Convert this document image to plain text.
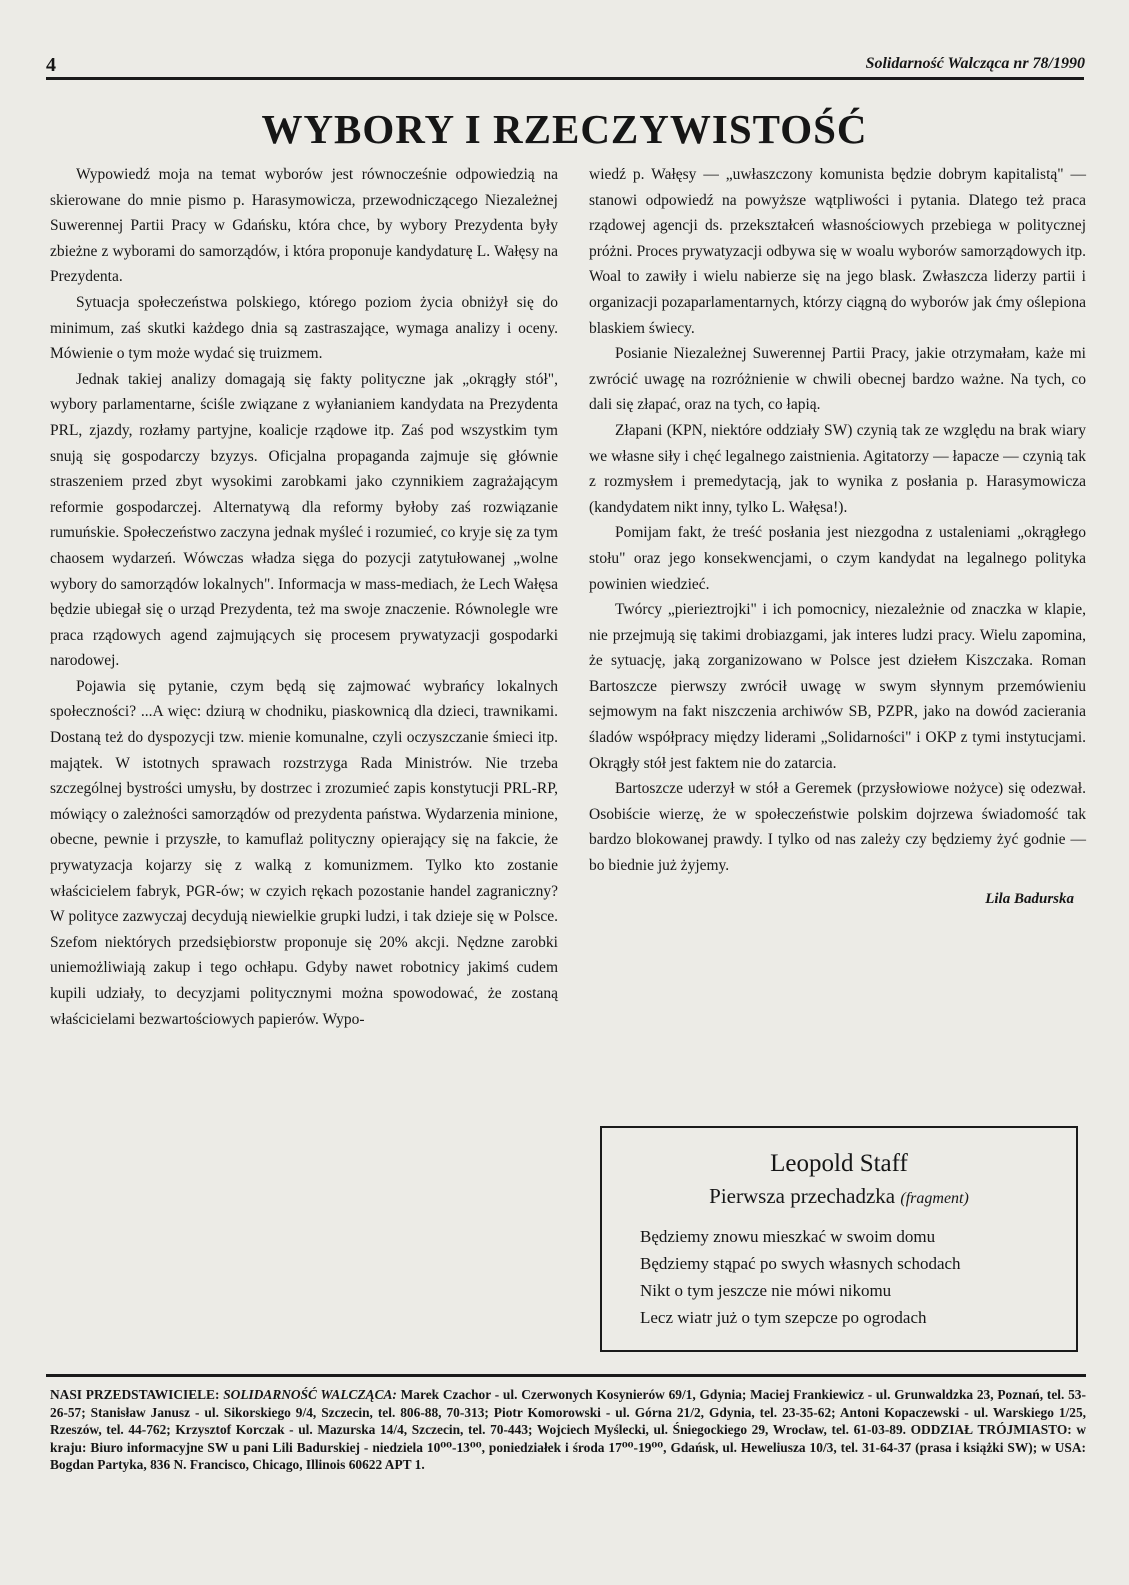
4	Solidarność Walcząca nr 78/1990
WYBORY I RZECZYWISTOŚĆ

Wypowiedź moja na temat wyborów jest równocześnie odpowiedzią na skierowane do mnie pismo p. Harasymowicza, przewodniczącego Niezależnej Suwerennej Partii Pracy w Gdańsku, która chce, by wybory Prezydenta były zbieżne z wyborami do samorządów, i która proponuje kandydaturę L. Wałęsy na Prezydenta.

Sytuacja społeczeństwa polskiego, którego poziom życia obniżył się do minimum, zaś skutki każdego dnia są zastraszające, wymaga analizy i oceny. Mówienie o tym może wydać się truizmem.

Jednak takiej analizy domagają się fakty polityczne jak „okrągły stół", wybory parlamentarne, ściśle związane z wyłanianiem kandydata na Prezydenta PRL, zjazdy, rozłamy partyjne, koalicje rządowe itp. Zaś pod wszystkim tym snują się gospodarczy bzyzys. Oficjalna propaganda zajmuje się głównie straszeniem przed zbyt wysokimi zarobkami jako czynnikiem zagrażającym reformie gospodarczej. Alternatywą dla reformy byłoby zaś rozwiązanie rumuńskie. Społeczeństwo zaczyna jednak myśleć i rozumieć, co kryje się za tym chaosem wydarzeń. Wówczas władza sięga do pozycji zatytułowanej „wolne wybory do samorządów lokalnych". Informacja w mass-mediach, że Lech Wałęsa będzie ubiegał się o urząd Prezydenta, też ma swoje znaczenie. Równolegle wre praca rządowych agend zajmujących się procesem prywatyzacji gospodarki narodowej.

Pojawia się pytanie, czym będą się zajmować wybrańcy lokalnych społeczności? ...A więc: dziurą w chodniku, piaskownicą dla dzieci, trawnikami. Dostaną też do dyspozycji tzw. mienie komunalne, czyli oczyszczanie śmieci itp. majątek. W istotnych sprawach rozstrzyga Rada Ministrów. Nie trzeba szczególnej bystrości umysłu, by dostrzec i zrozumieć zapis konstytucji PRL-RP, mówiący o zależności samorządów od prezydenta państwa. Wydarzenia minione, obecne, pewnie i przyszłe, to kamuflaż polityczny opierający się na fakcie, że prywatyzacja kojarzy się z walką z komunizmem. Tylko kto zostanie właścicielem fabryk, PGR-ów; w czyich rękach pozostanie handel zagraniczny? W polityce zazwyczaj decydują niewielkie grupki ludzi, i tak dzieje się w Polsce. Szefom niektórych przedsiębiorstw proponuje się 20% akcji. Nędzne zarobki uniemożliwiają zakup i tego ochłapu. Gdyby nawet robotnicy jakimś cudem kupili udziały, to decyzjami politycznymi można spowodować, że zostaną właścicielami bezwartościowych papierów. Wypo-

wiedź p. Wałęsy — „uwłaszczony komunista będzie dobrym kapitalistą" — stanowi odpowiedź na powyższe wątpliwości i pytania. Dlatego też praca rządowej agencji ds. przekształceń własnościowych przebiega w politycznej próżni. Proces prywatyzacji odbywa się w woalu wyborów samorządowych itp. Woal to zawiły i wielu nabierze się na jego blask. Zwłaszcza liderzy partii i organizacji pozaparlamentarnych, którzy ciągną do wyborów jak ćmy oślepiona blaskiem świecy.

Posianie Niezależnej Suwerennej Partii Pracy, jakie otrzymałam, każe mi zwrócić uwagę na rozróżnienie w chwili obecnej bardzo ważne. Na tych, co dali się złapać, oraz na tych, co łapią.

Złapani (KPN, niektóre oddziały SW) czynią tak ze względu na brak wiary we własne siły i chęć legalnego zaistnienia. Agitatorzy — łapacze — czynią tak z rozmysłem i premedytacją, jak to wynika z posłania p. Harasymowicza (kandydatem nikt inny, tylko L. Wałęsa!).

Pomijam fakt, że treść posłania jest niezgodna z ustaleniami „okrągłego stołu" oraz jego konsekwencjami, o czym kandydat na legalnego polityka powinien wiedzieć.

Twórcy „pierieztrojki" i ich pomocnicy, niezależnie od znaczka w klapie, nie przejmują się takimi drobiazgami, jak interes ludzi pracy. Wielu zapomina, że sytuację, jaką zorganizowano w Polsce jest dziełem Kiszczaka. Roman Bartoszcze pierwszy zwrócił uwagę w swym słynnym przemówieniu sejmowym na fakt niszczenia archiwów SB, PZPR, jako na dowód zacierania śladów współpracy między liderami „Solidarności" i OKP z tymi instytucjami. Okrągły stół jest faktem nie do zatarcia.

Bartoszcze uderzył w stół a Geremek (przysłowiowe nożyce) się odezwał. Osobiście wierzę, że w społeczeństwie polskim dojrzewa świadomość tak bardzo blokowanej prawdy. I tylko od nas zależy czy będziemy żyć godnie — bo biednie już żyjemy.

Lila Badurska
Leopold Staff
Pierwsza przechadzka (fragment)
Będziemy znowu mieszkać w swoim domu
Będziemy stąpać po swych własnych schodach
Nikt o tym jeszcze nie mówi nikomu
Lecz wiatr już o tym szepcze po ogrodach
NASI PRZEDSTAWICIELE: SOLIDARNOŚĆ WALCZĄCA: Marek Czachor - ul. Czerwonych Kosynierów 69/1, Gdynia; Maciej Frankiewicz - ul. Grunwaldzka 23, Poznań, tel. 53-26-57; Stanisław Janusz - ul. Sikorskiego 9/4, Szczecin, tel. 806-88, 70-313; Piotr Komorowski - ul. Górna 21/2, Gdynia, tel. 23-35-62; Antoni Kopaczewski - ul. Warskiego 1/25, Rzeszów, tel. 44-762; Krzysztof Korczak - ul. Mazurska 14/4, Szczecin, tel. 70-443; Wojciech Myślecki, ul. Śniegockiego 29, Wrocław, tel. 61-03-89. ODDZIAŁ TRÓJMIASTO: w kraju: Biuro informacyjne SW u pani Lili Badurskiej - niedziela 10⁰⁰-13⁰⁰, poniedziałek i środa 17⁰⁰-19⁰⁰, Gdańsk, ul. Heweliusza 10/3, tel. 31-64-37 (prasa i książki SW); w USA: Bogdan Partyka, 836 N. Francisco, Chicago, Illinois 60622 APT 1.
